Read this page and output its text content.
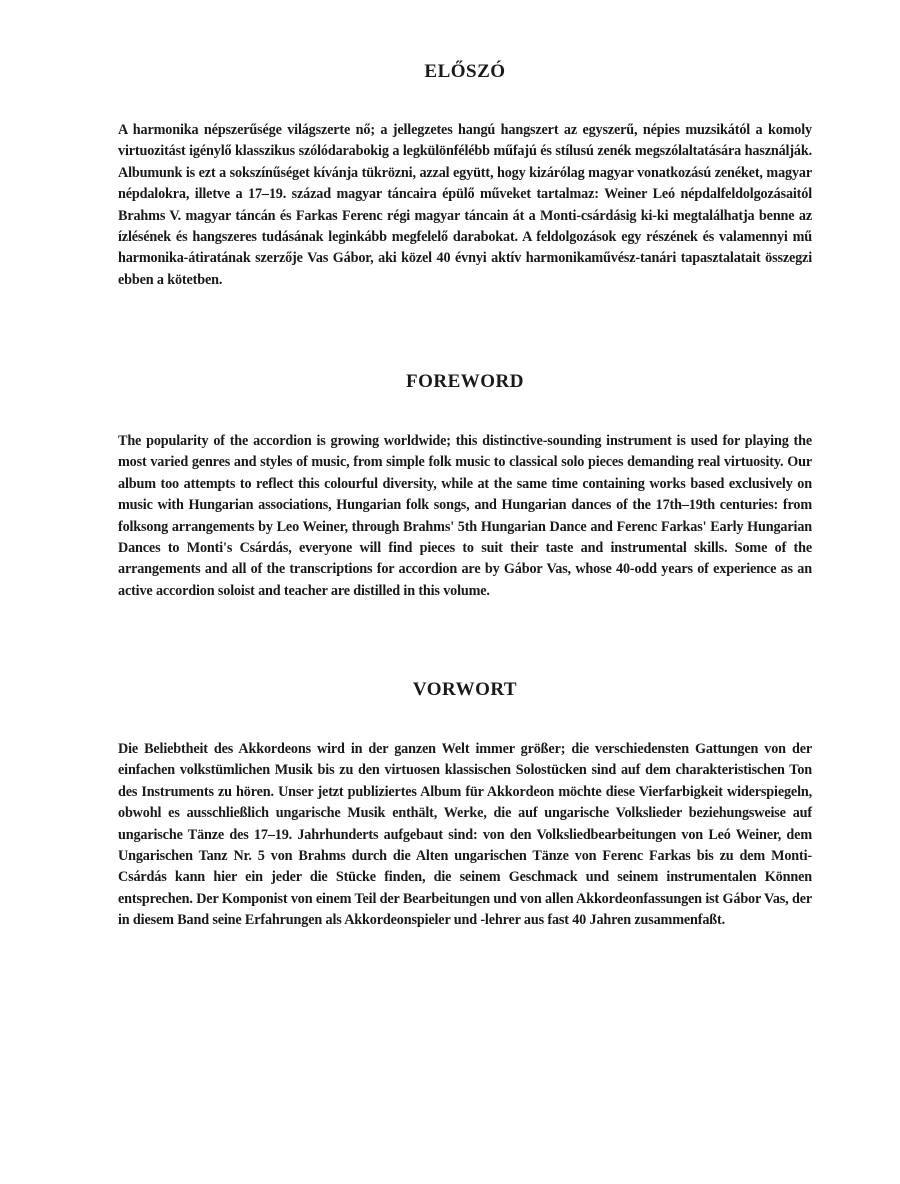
ELŐSZÓ

A harmonika népszerűsége világszerte nő; a jellegzetes hangú hangszert az egyszerű, népies muzsikától a komoly virtuozitást igénylő klasszikus szólódarabokig a legkülönfélébb műfajú és stílusú zenék megszólaltatására használják. Albumunk is ezt a sokszínűséget kívánja tükrözni, azzal együtt, hogy kizárólag magyar vonatkozású zenéket, magyar népdalokra, illetve a 17–19. század magyar táncaira épülő műveket tartalmaz: Weiner Leó népdalfeldolgozásaitól Brahms V. magyar táncán és Farkas Ferenc régi magyar táncain át a Monti-csárdásig ki-ki megtalálhatja benne az ízlésének és hangszeres tudásának leginkább megfelelő darabokat. A feldolgozások egy részének és valamennyi mű harmonika-átiratának szerzője Vas Gábor, aki közel 40 évnyi aktív harmonikaművész-tanári tapasztalatait összegzi ebben a kötetben.

FOREWORD

The popularity of the accordion is growing worldwide; this distinctive-sounding instrument is used for playing the most varied genres and styles of music, from simple folk music to classical solo pieces demanding real virtuosity. Our album too attempts to reflect this colourful diversity, while at the same time containing works based exclusively on music with Hungarian associations, Hungarian folk songs, and Hungarian dances of the 17th–19th centuries: from folksong arrangements by Leo Weiner, through Brahms' 5th Hungarian Dance and Ferenc Farkas' Early Hungarian Dances to Monti's Csárdás, everyone will find pieces to suit their taste and instrumental skills. Some of the arrangements and all of the transcriptions for accordion are by Gábor Vas, whose 40-odd years of experience as an active accordion soloist and teacher are distilled in this volume.

VORWORT

Die Beliebtheit des Akkordeons wird in der ganzen Welt immer größer; die verschiedensten Gattungen von der einfachen volkstümlichen Musik bis zu den virtuosen klassischen Solostücken sind auf dem charakteristischen Ton des Instruments zu hören. Unser jetzt publiziertes Album für Akkordeon möchte diese Vierfarbigkeit widerspiegeln, obwohl es ausschließlich ungarische Musik enthält, Werke, die auf ungarische Volkslieder beziehungsweise auf ungarische Tänze des 17–19. Jahrhunderts aufgebaut sind: von den Volksliedbearbeitungen von Leó Weiner, dem Ungarischen Tanz Nr. 5 von Brahms durch die Alten ungarischen Tänze von Ferenc Farkas bis zu dem Monti-Csárdás kann hier ein jeder die Stücke finden, die seinem Geschmack und seinem instrumentalen Können entsprechen. Der Komponist von einem Teil der Bearbeitungen und von allen Akkordeonfassungen ist Gábor Vas, der in diesem Band seine Erfahrungen als Akkordeonspieler und -lehrer aus fast 40 Jahren zusammenfaßt.
